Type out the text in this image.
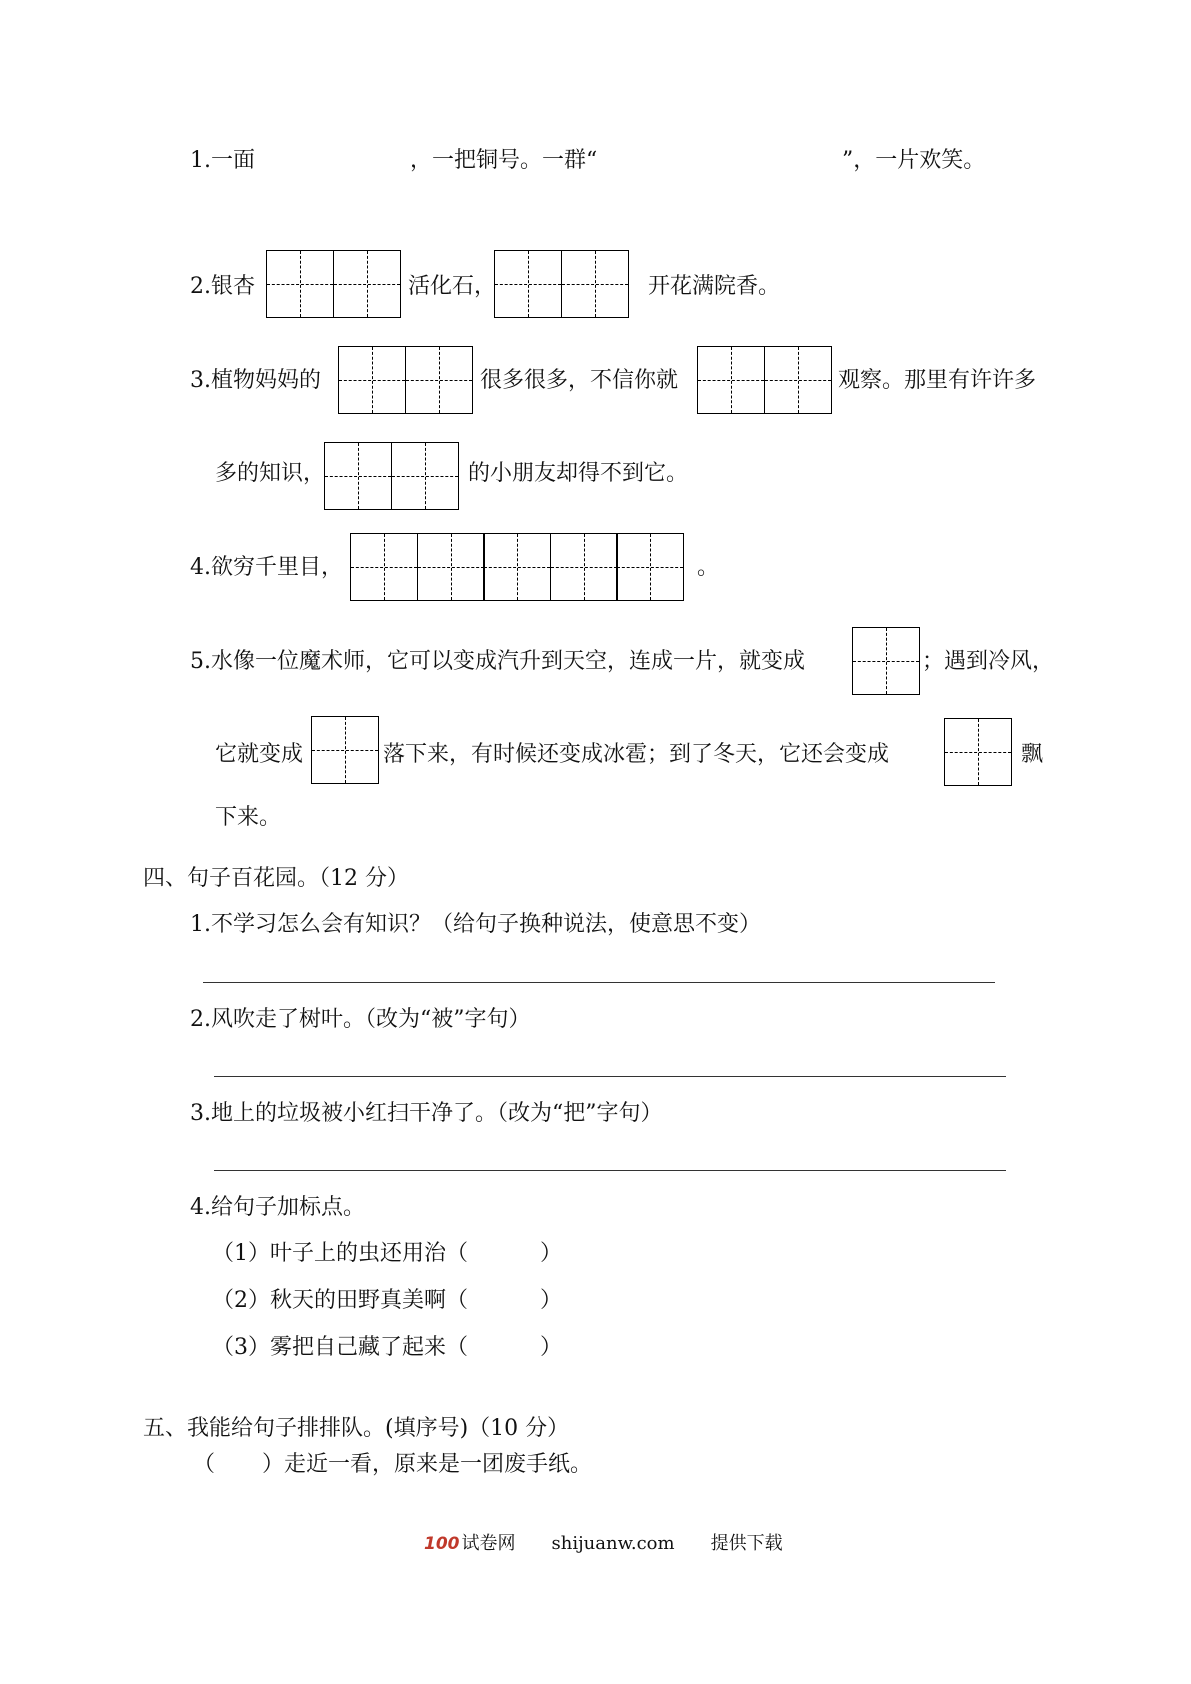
1.一面	，一把铜号。一群“	”，一片欢笑。
2.银杏	活化石，	开花满院香。
3.植物妈妈的	很多很多，不信你就	观察。那里有许许多
多的知识，	的小朋友却得不到它。
4.欲穷千里目，	。
5.水像一位魔术师，它可以变成汽升到天空，连成一片，就变成	；遇到冷风，
它就变成	落下来，有时候还变成冰雹；到了冬天，它还会变成	飘
下来。
四、句子百花园。（12 分）
1.不学习怎么会有知识？（给句子换种说法，使意思不变）
2.风吹走了树叶。（改为“被”字句）
3.地上的垃圾被小红扫干净了。（改为“把”字句）
4.给句子加标点。
（1）叶子上的虫还用治（	）
（2）秋天的田野真美啊（	）
（3）雾把自己藏了起来（	）
五、我能给句子排排队。(填序号)（10 分）
（ ）走近一看，原来是一团废手纸。
100 试卷网 shijuanw.com 提供下载
